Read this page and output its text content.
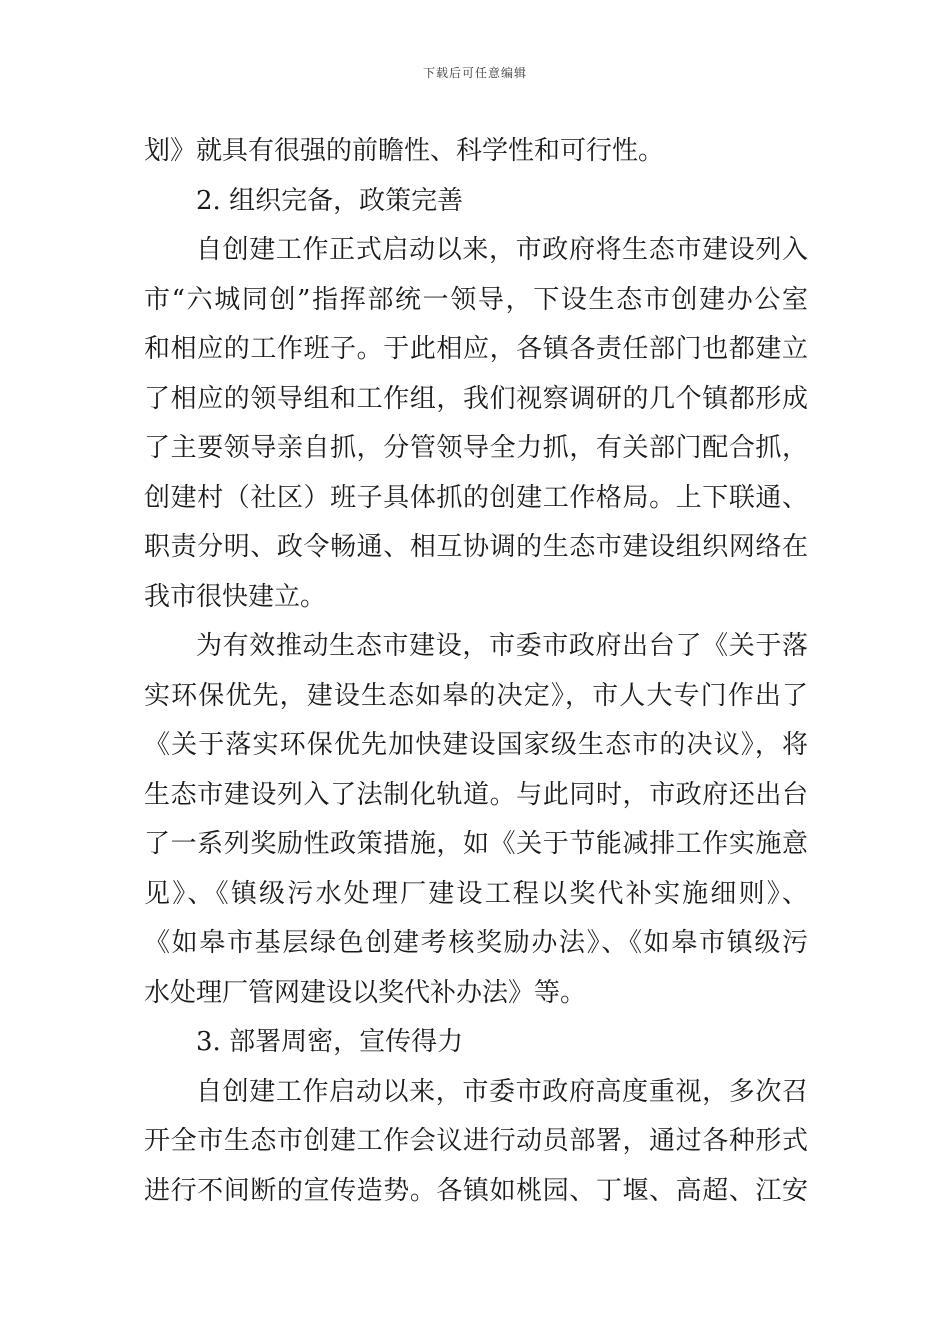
下载后可任意编辑
划》就具有很强的前瞻性、科学性和可行性。
2. 组织完备，政策完善
自创建工作正式启动以来，市政府将生态市建设列入
市“六城同创”指挥部统一领导，下设生态市创建办公室
和相应的工作班子。于此相应，各镇各责任部门也都建立
了相应的领导组和工作组，我们视察调研的几个镇都形成
了主要领导亲自抓，分管领导全力抓，有关部门配合抓，
创建村（社区）班子具体抓的创建工作格局。上下联通、
职责分明、政令畅通、相互协调的生态市建设组织网络在
我市很快建立。
为有效推动生态市建设，市委市政府出台了《关于落
实环保优先，建设生态如皋的决定》，市人大专门作出了
《关于落实环保优先加快建设国家级生态市的决议》，将
生态市建设列入了法制化轨道。与此同时，市政府还出台
了一系列奖励性政策措施，如《关于节能减排工作实施意
见》、《镇级污水处理厂建设工程以奖代补实施细则》、
《如皋市基层绿色创建考核奖励办法》、《如皋市镇级污
水处理厂管网建设以奖代补办法》等。
3. 部署周密，宣传得力
自创建工作启动以来，市委市政府高度重视，多次召
开全市生态市创建工作会议进行动员部署，通过各种形式
进行不间断的宣传造势。各镇如桃园、丁堰、高超、江安
